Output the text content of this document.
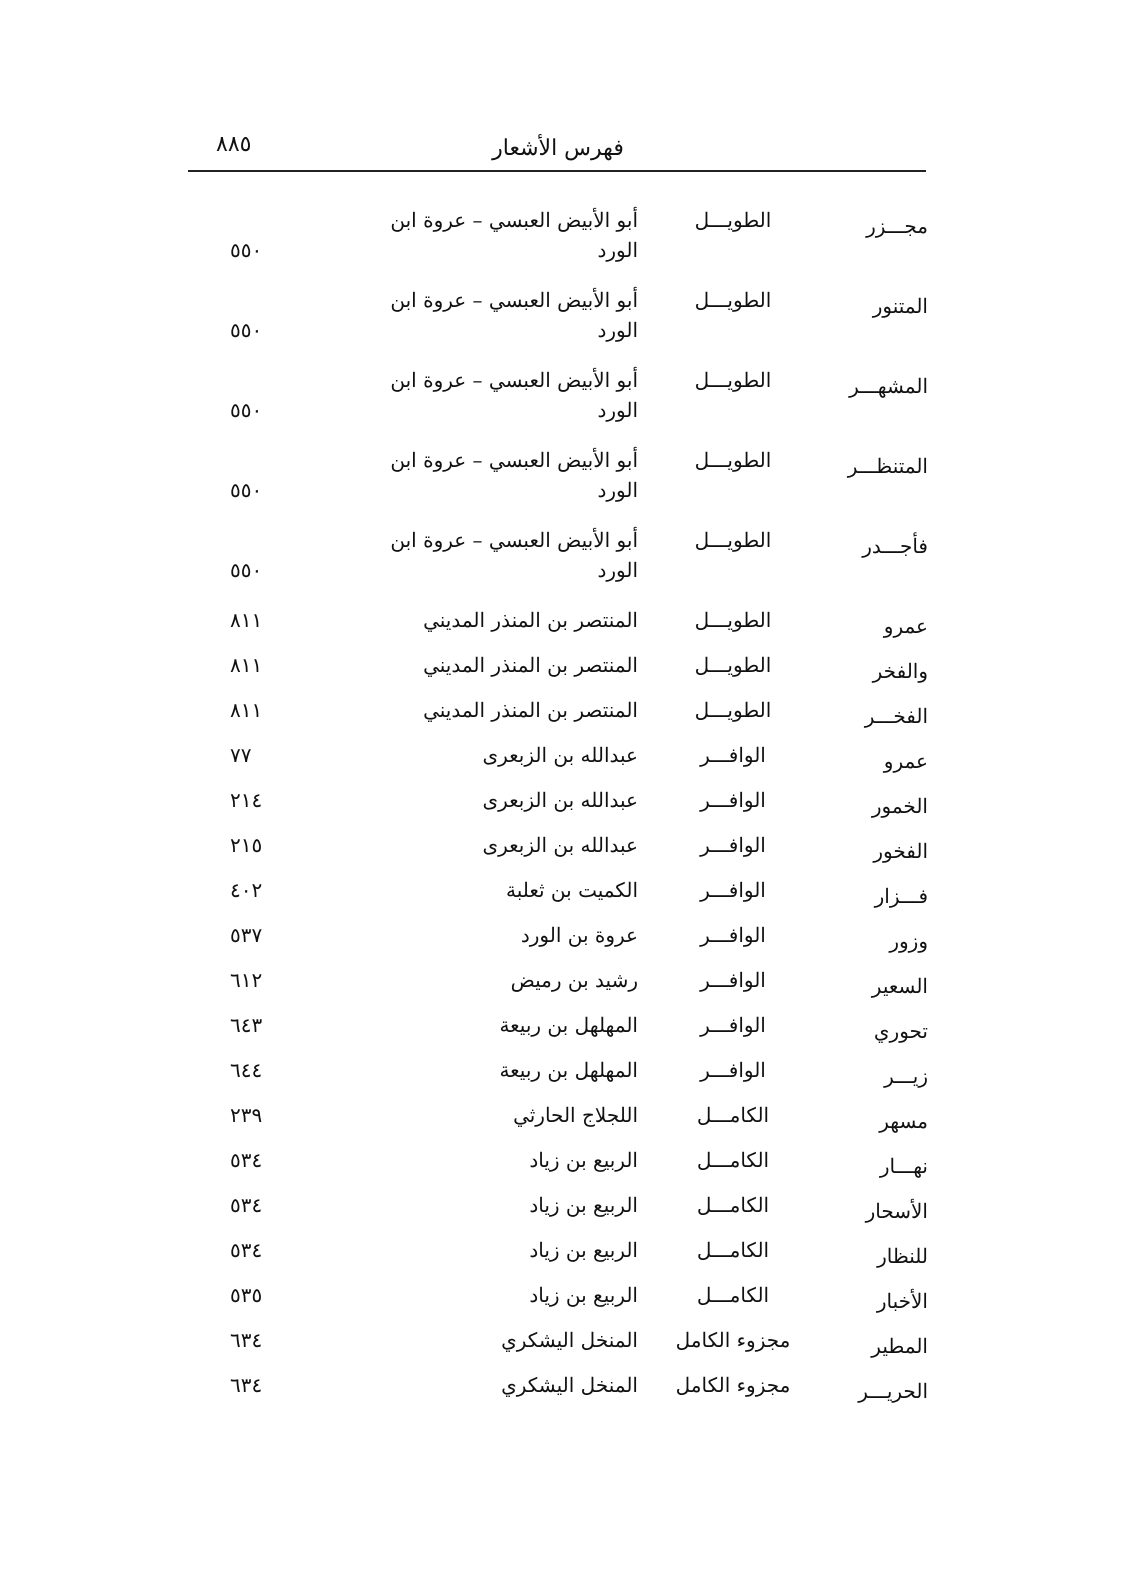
٨٨٥	فهرس الأشعار
مجـــزر
الطويـــل
أبو الأبيض العبسي – عروة ابن الورد
٥٥٠
المتنور
الطويـــل
أبو الأبيض العبسي – عروة ابن الورد
٥٥٠
المشهـــر
الطويـــل
أبو الأبيض العبسي – عروة ابن الورد
٥٥٠
المتنظـــر
الطويـــل
أبو الأبيض العبسي – عروة ابن الورد
٥٥٠
فأجـــدر
الطويـــل
أبو الأبيض العبسي – عروة ابن الورد
٥٥٠
عمرو
الطويـــل
المنتصر بن المنذر المديني
٨١١
والفخر
الطويـــل
المنتصر بن المنذر المديني
٨١١
الفخـــر
الطويـــل
المنتصر بن المنذر المديني
٨١١
عمرو
الوافـــر
عبدالله بن الزبعرى
٧٧
الخمور
الوافـــر
عبدالله بن الزبعرى
٢١٤
الفخور
الوافـــر
عبدالله بن الزبعرى
٢١٥
فـــزار
الوافـــر
الكميت بن ثعلبة
٤٠٢
وزور
الوافـــر
عروة بن الورد
٥٣٧
السعير
الوافـــر
رشيد بن رميض
٦١٢
تحوري
الوافـــر
المهلهل بن ربيعة
٦٤٣
زيـــر
الوافـــر
المهلهل بن ربيعة
٦٤٤
مسهر
الكامـــل
اللجلاج الحارثي
٢٣٩
نهـــار
الكامـــل
الربيع بن زياد
٥٣٤
الأسحار
الكامـــل
الربيع بن زياد
٥٣٤
للنظار
الكامـــل
الربيع بن زياد
٥٣٤
الأخبار
الكامـــل
الربيع بن زياد
٥٣٥
المطير
مجزوء الكامل
المنخل اليشكري
٦٣٤
الحريـــر
مجزوء الكامل
المنخل اليشكري
٦٣٤
